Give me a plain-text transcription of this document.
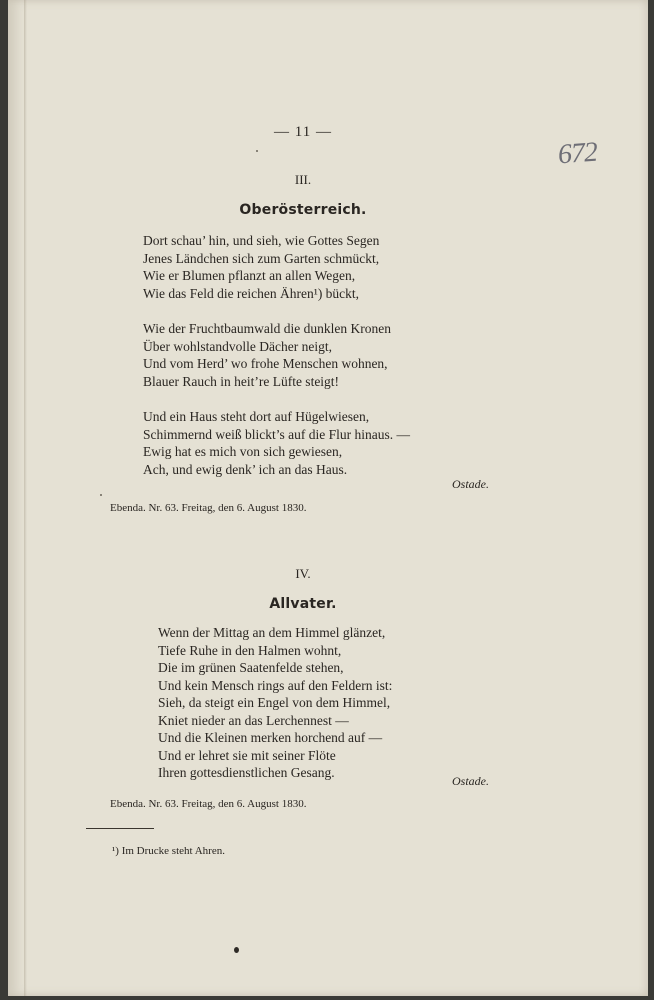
— 11 —
672
III.
Oberösterreich.
Dort schau’ hin, und sieh, wie Gottes Segen
Jenes Ländchen sich zum Garten schmückt,
Wie er Blumen pflanzt an allen Wegen,
Wie das Feld die reichen Ähren¹) bückt,
Wie der Fruchtbaumwald die dunklen Kronen
Über wohlstandvolle Dächer neigt,
Und vom Herd’ wo frohe Menschen wohnen,
Blauer Rauch in heit’re Lüfte steigt!
Und ein Haus steht dort auf Hügelwiesen,
Schimmernd weiß blickt’s auf die Flur hinaus. —
Ewig hat es mich von sich gewiesen,
Ach, und ewig denk’ ich an das Haus.
Ostade.
Ebenda. Nr. 63. Freitag, den 6. August 1830.
IV.
Allvater.
Wenn der Mittag an dem Himmel glänzet,
Tiefe Ruhe in den Halmen wohnt,
Die im grünen Saatenfelde stehen,
Und kein Mensch rings auf den Feldern ist:
Sieh, da steigt ein Engel von dem Himmel,
Kniet nieder an das Lerchennest —
Und die Kleinen merken horchend auf —
Und er lehret sie mit seiner Flöte
Ihren gottesdienstlichen Gesang.
Ostade.
Ebenda. Nr. 63. Freitag, den 6. August 1830.
¹) Im Drucke steht Ahren.
